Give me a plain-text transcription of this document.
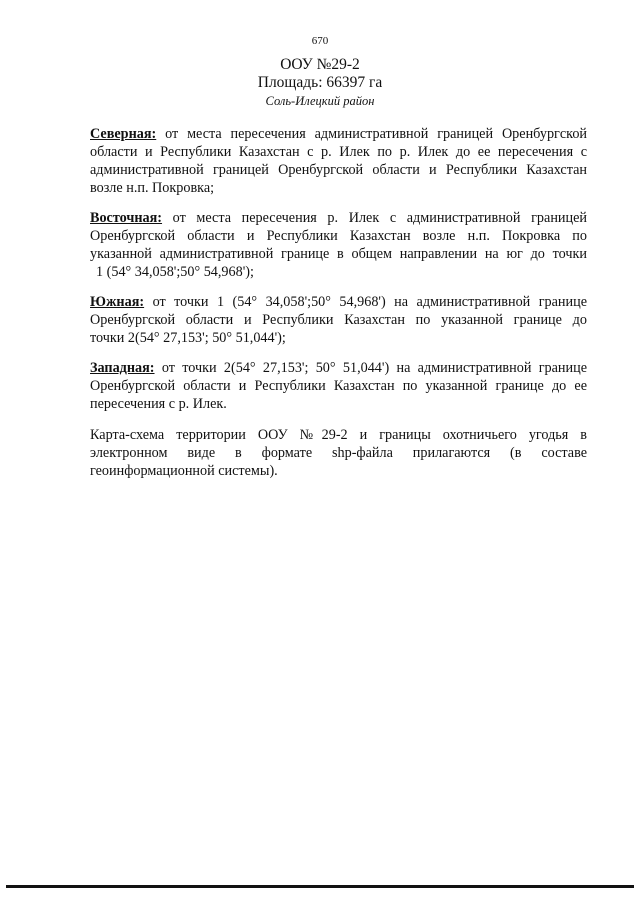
670
ООУ №29-2
Площадь: 66397 га
Соль-Илецкий район

Северная: от места пересечения административной границей Оренбургской
области и Республики Казахстан с р. Илек по р. Илек до ее пересечения с
административной границей Оренбургской области и Республики Казахстан
возле н.п. Покровка;

Восточная: от места пересечения р. Илек с административной границей
Оренбургской области и Республики Казахстан возле н.п. Покровка по
указанной административной границе в общем направлении на юг до точки
1 (54° 34,058';50° 54,968');

Южная: от точки 1 (54° 34,058';50° 54,968') на административной границе
Оренбургской области и Республики Казахстан по указанной границе до
точки 2(54° 27,153'; 50° 51,044');

Западная: от точки 2(54° 27,153'; 50° 51,044') на административной границе
Оренбургской области и Республики Казахстан по указанной границе до ее
пересечения с р. Илек.

Карта-схема территории ООУ №29-2 и границы охотничьего угодья в
электронном виде в формате shp-файла прилагаются (в составе
геоинформационной системы).
